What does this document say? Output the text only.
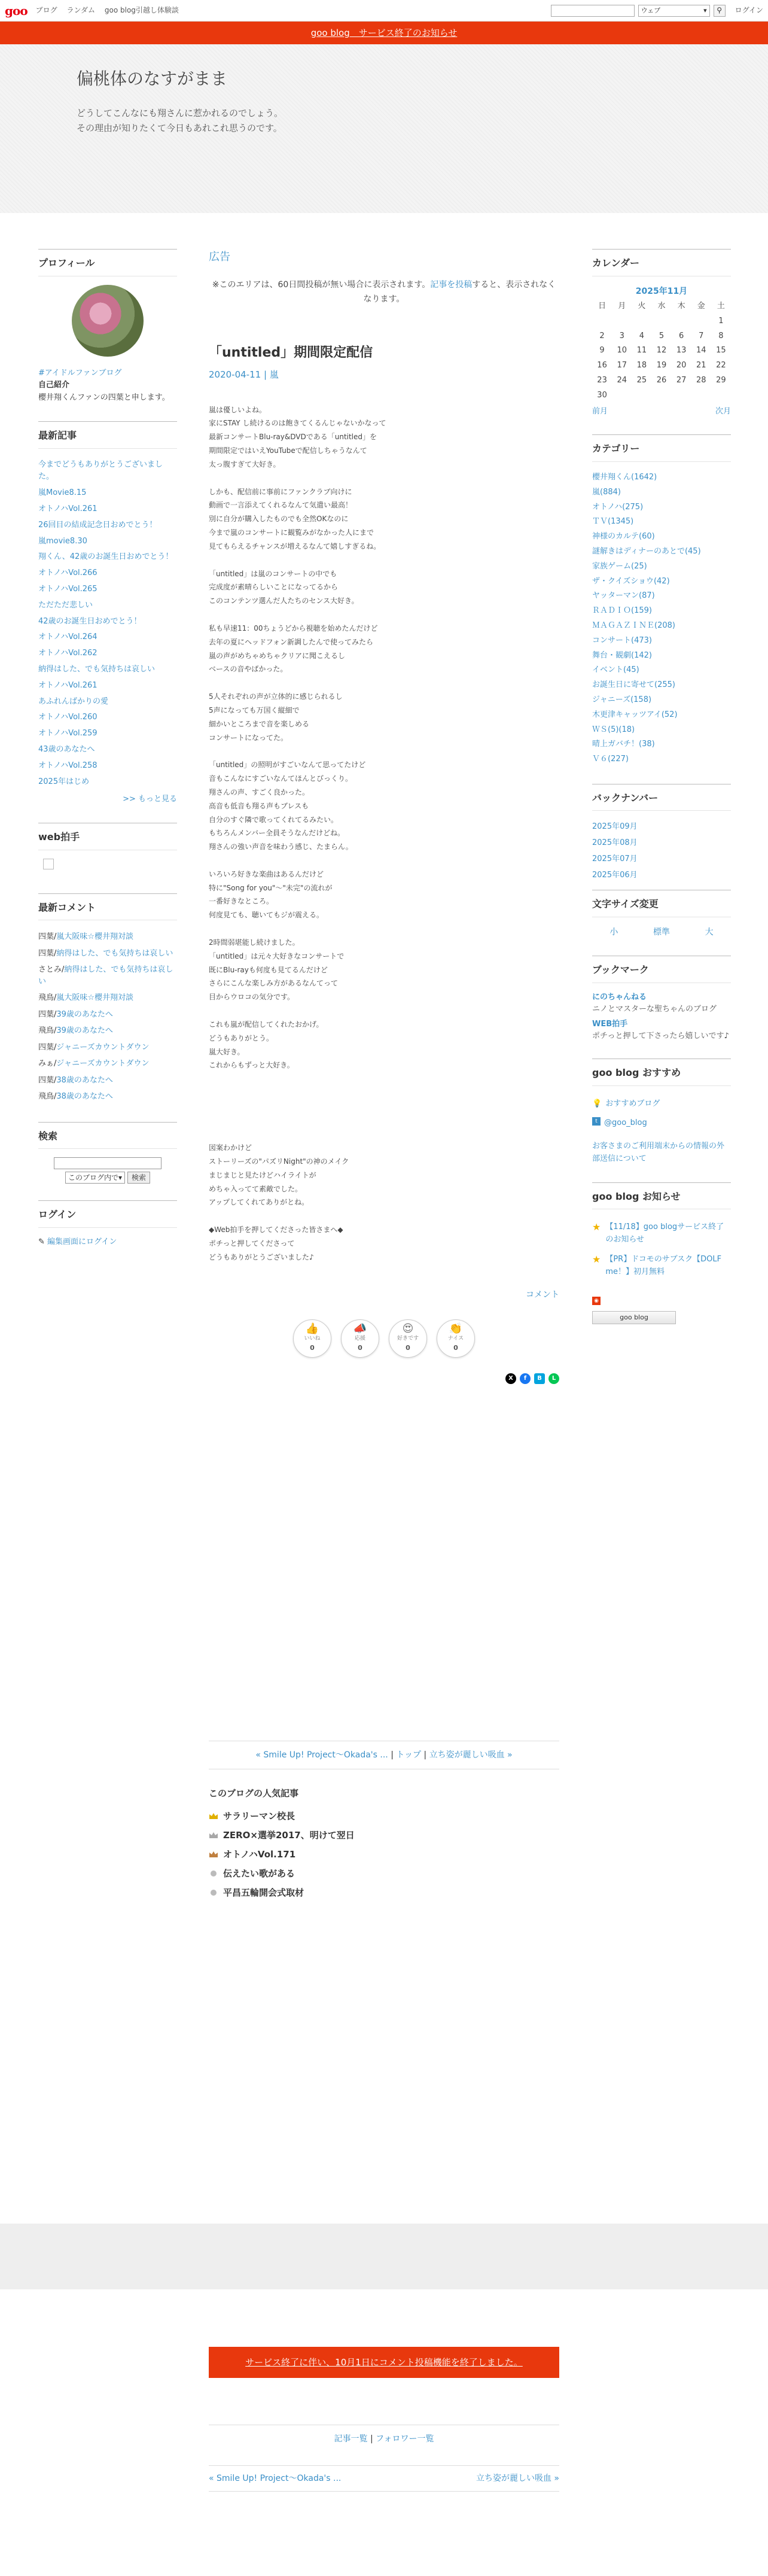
goo ブログ ランダム goo blog引越し体験談	ウェブ	▾	⚲	ログイン
goo blog　サービス終了のお知らせ
偏桃体のなすがまま
どうしてこんなにも翔さんに惹かれるのでしょう。
その理由が知りたくて今日もあれこれ思うのです。
プロフィール
#アイドルファンブログ
自己紹介
櫻井翔くんファンの四葉と申します。
最新記事
今までどうもありがとうございました。
嵐Movie8.15
オトノハVol.261
26回目の結成記念日おめでとう！
嵐movie8.30
翔くん、42歳のお誕生日おめでとう！
オトノハVol.266
オトノハVol.265
ただただ悲しい
42歳のお誕生日おめでとう！
オトノハVol.264
オトノハVol.262
納得はした、でも気持ちは哀しい
オトノハVol.261
あふれんばかりの愛
オトノハVol.260
オトノハVol.259
43歳のあなたへ
オトノハVol.258
2025年はじめ
>> もっと見る
web拍手
最新コメント
四葉/嵐大阪味☆櫻井翔対談
四葉/納得はした、でも気持ちは哀しい
さとみ/納得はした、でも気持ちは哀しい
飛鳥/嵐大阪味☆櫻井翔対談
四葉/39歳のあなたへ
飛鳥/39歳のあなたへ
四葉/ジャニーズカウントダウン
みぁ/ジャニーズカウントダウン
四葉/38歳のあなたへ
飛鳥/38歳のあなたへ
検索
このブログ内で ▾	検索
ログイン
✎ 編集画面にログイン
広告
※このエリアは、60日間投稿が無い場合に表示されます。記事を投稿すると、表示されなくなります。
「untitled」期間限定配信
2020-04-11 | 嵐

嵐は優しいよね。

家にSTAY し続けるのは飽きてくるんじゃないかなって

最新コンサートBlu-ray&DVDである「untitled」を

期間限定ではいえYouTubeで配信しちゃうなんて

太っ腹すぎて大好き。

しかも、配信前に事前にファンクラブ向けに

動画で一言添えてくれるなんて気遣い最高！

別に自分が購入したものでも全然OKなのに

今まで嵐のコンサートに観覧みがなかった人にまで

見てもらえるチャンスが増えるなんて嬉しすぎるね。

「untitled」は嵐のコンサートの中でも

完成度が素晴らしいことになってるから

このコンテンツ選んだ人たちのセンス大好き。

私も早速11：00ちょうどから視聴を始めたんだけど

去年の夏にヘッドフォン新調したんで使ってみたら

嵐の声がめちゃめちゃクリアに聞こえるし

ベースの音やばかった。

5人それぞれの声が立体的に感じられるし

5声になっても万国く縦細で

細かいところまで音を楽しめる

コンサートになってた。

「untitled」の照明がすごいなんて思ってたけど

音もこんなにすごいなんてほんとびっくり。

翔さんの声、すごく良かった。

高音も低音も翔る声もブレスも

自分のすぐ隣で歌ってくれてるみたい。

もちろんメンバー全員そうなんだけどね。

翔さんの強い声音を味わう感じ、たまらん。

いろいろ好きな楽曲はあるんだけど

特に"Song for you"〜"未完"の流れが

一番好きなところ。

何度見ても、聴いてもジが震える。

2時間弱堪能し続けました。

「untitled」は元々大好きなコンサートで

既にBlu-rayも何度も見てるんだけど

さらにこんな楽しみ方があるなんてって

目からウロコの気分です。

これも嵐が配信してくれたおかげ。

どうもありがとう。

嵐大好き。

これからもずっと大好き。

図案わかけど

ストーリーズの"パズリNight"の神のメイク

まじまじと見たけどハイライトが

めちゃ入ってて素敵でした。

アップしてくれてありがとね。

◆Web拍手を押してくださった皆さまへ◆

ポチっと押してくださって

どうもありがとうございました♪

コメント
👍
いいね
0
📣
応援
0
😍
好きです
0
👏
ナイス
0
X	f	B	L
« Smile Up! Project〜Okada's ... | トップ | 立ち姿が麗しい吸血 »
このブログの人気記事
サラリーマン校長
ZERO×選挙2017、明けて翌日
オトノハVol.171
伝えたい歌がある
平昌五輪開会式取材
カレンダー
2025年11月
日	月	火	水	木	金	土
						1
2	3	4	5	6	7	8
9	10	11	12	13	14	15
16	17	18	19	20	21	22
23	24	25	26	27	28	29
30						
前月	次月
カテゴリー
櫻井翔くん(1642)
嵐(884)
オトノハ(275)
ＴＶ(1345)
神様のカルテ(60)
謎解きはディナーのあとで(45)
家族ゲーム(25)
ザ・クイズショウ(42)
ヤッターマン(87)
ＲＡＤＩＯ(159)
ＭＡＧＡＺＩＮＥ(208)
コンサート(473)
舞台・観劇(142)
イベント(45)
お誕生日に寄せて(255)
ジャニーズ(158)
木更津キャッツアイ(52)
ＷＳ(5)(18)
晴上ガバチ！(38)
Ｖ６(227)
バックナンバー
2025年09月
2025年08月
2025年07月
2025年06月
文字サイズ変更
小	標準	大
ブックマーク
にのちゃんねる
ニノとマスターな聖ちゃんのブログ
WEB拍手
ポチっと押して下さったら嬉しいです♪
goo blog おすすめ
💡 おすすめブログ
t @goo_blog
お客さまのご利用端末からの情報の外部送信について
goo blog お知らせ
★ 【11/18】goo blogサービス終了のお知らせ
★ 【PR】ドコモのサブスク【DOLF me！】初月無料
◉
goo blog
サービス終了に伴い、10月1日にコメント投稿機能を終了しました。
記事一覧 | フォロワー一覧
« Smile Up! Project〜Okada's ...	立ち姿が麗しい吸血 »
